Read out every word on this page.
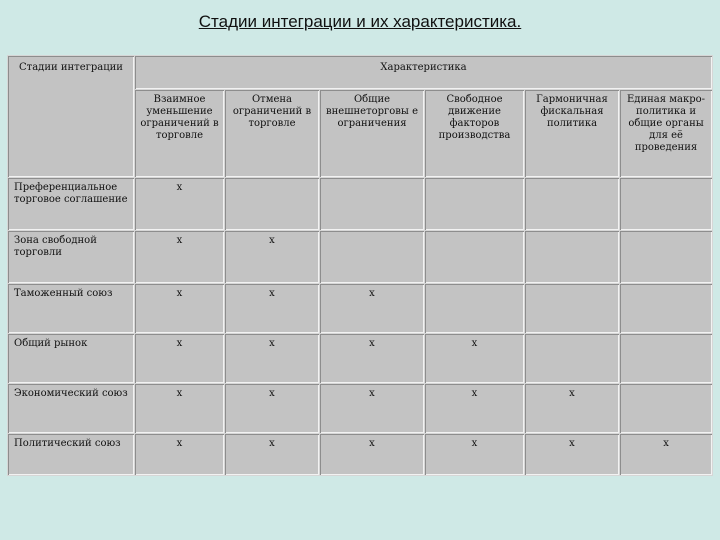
Стадии интеграции и их характеристика.
Стадии интеграции	Характеристика					
	Взаимное уменьшение ограничений в торговле	Отмена ограничений в торговле	Общие внешнеторговы е ограничения	Свободное движение факторов производства	Гармоничная фискальная политика	Единая макро-политика и общие органы для её проведения
Преференциальное торговое соглашение	х					
Зона свободной торговли	х	х				
Таможенный союз	х	х	х			
Общий рынок	х	х	х	х		
Экономический союз	х	х	х	х	х	
Политический союз	х	х	х	х	х	х
